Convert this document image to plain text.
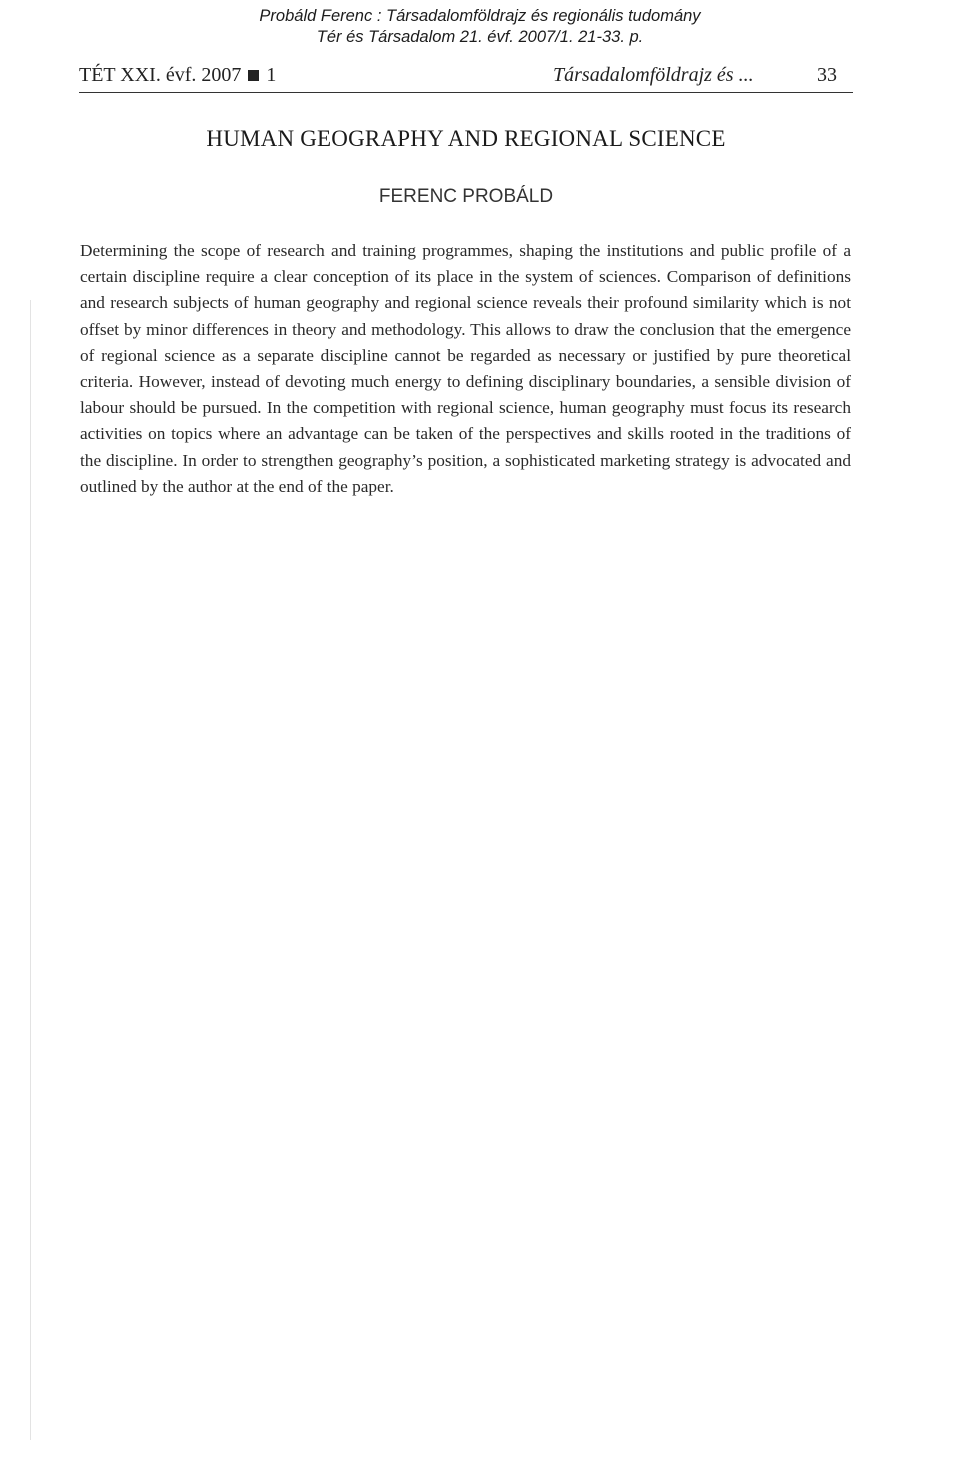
Probáld Ferenc : Társadalomföldrajz és regionális tudomány
Tér és Társadalom 21. évf. 2007/1. 21-33. p.
TÉT XXI. évf. 2007 1	Társadalomföldrajz és ...	33
HUMAN GEOGRAPHY AND REGIONAL SCIENCE
FERENC PROBÁLD

Determining the scope of research and training programmes, shaping the institutions and public profile of a certain discipline require a clear conception of its place in the system of sciences. Comparison of definitions and research subjects of human geography and regional science reveals their profound similarity which is not offset by minor differences in theory and methodology. This allows to draw the conclusion that the emergence of regional science as a separate discipline cannot be regarded as necessary or justified by pure theoretical criteria. However, instead of devoting much energy to defining disciplinary boundaries, a sensible division of labour should be pursued. In the competition with regional science, human geography must focus its research activities on topics where an advantage can be taken of the perspectives and skills rooted in the traditions of the discipline. In order to strengthen geography’s position, a sophisticated marketing strategy is advocated and outlined by the author at the end of the paper.
